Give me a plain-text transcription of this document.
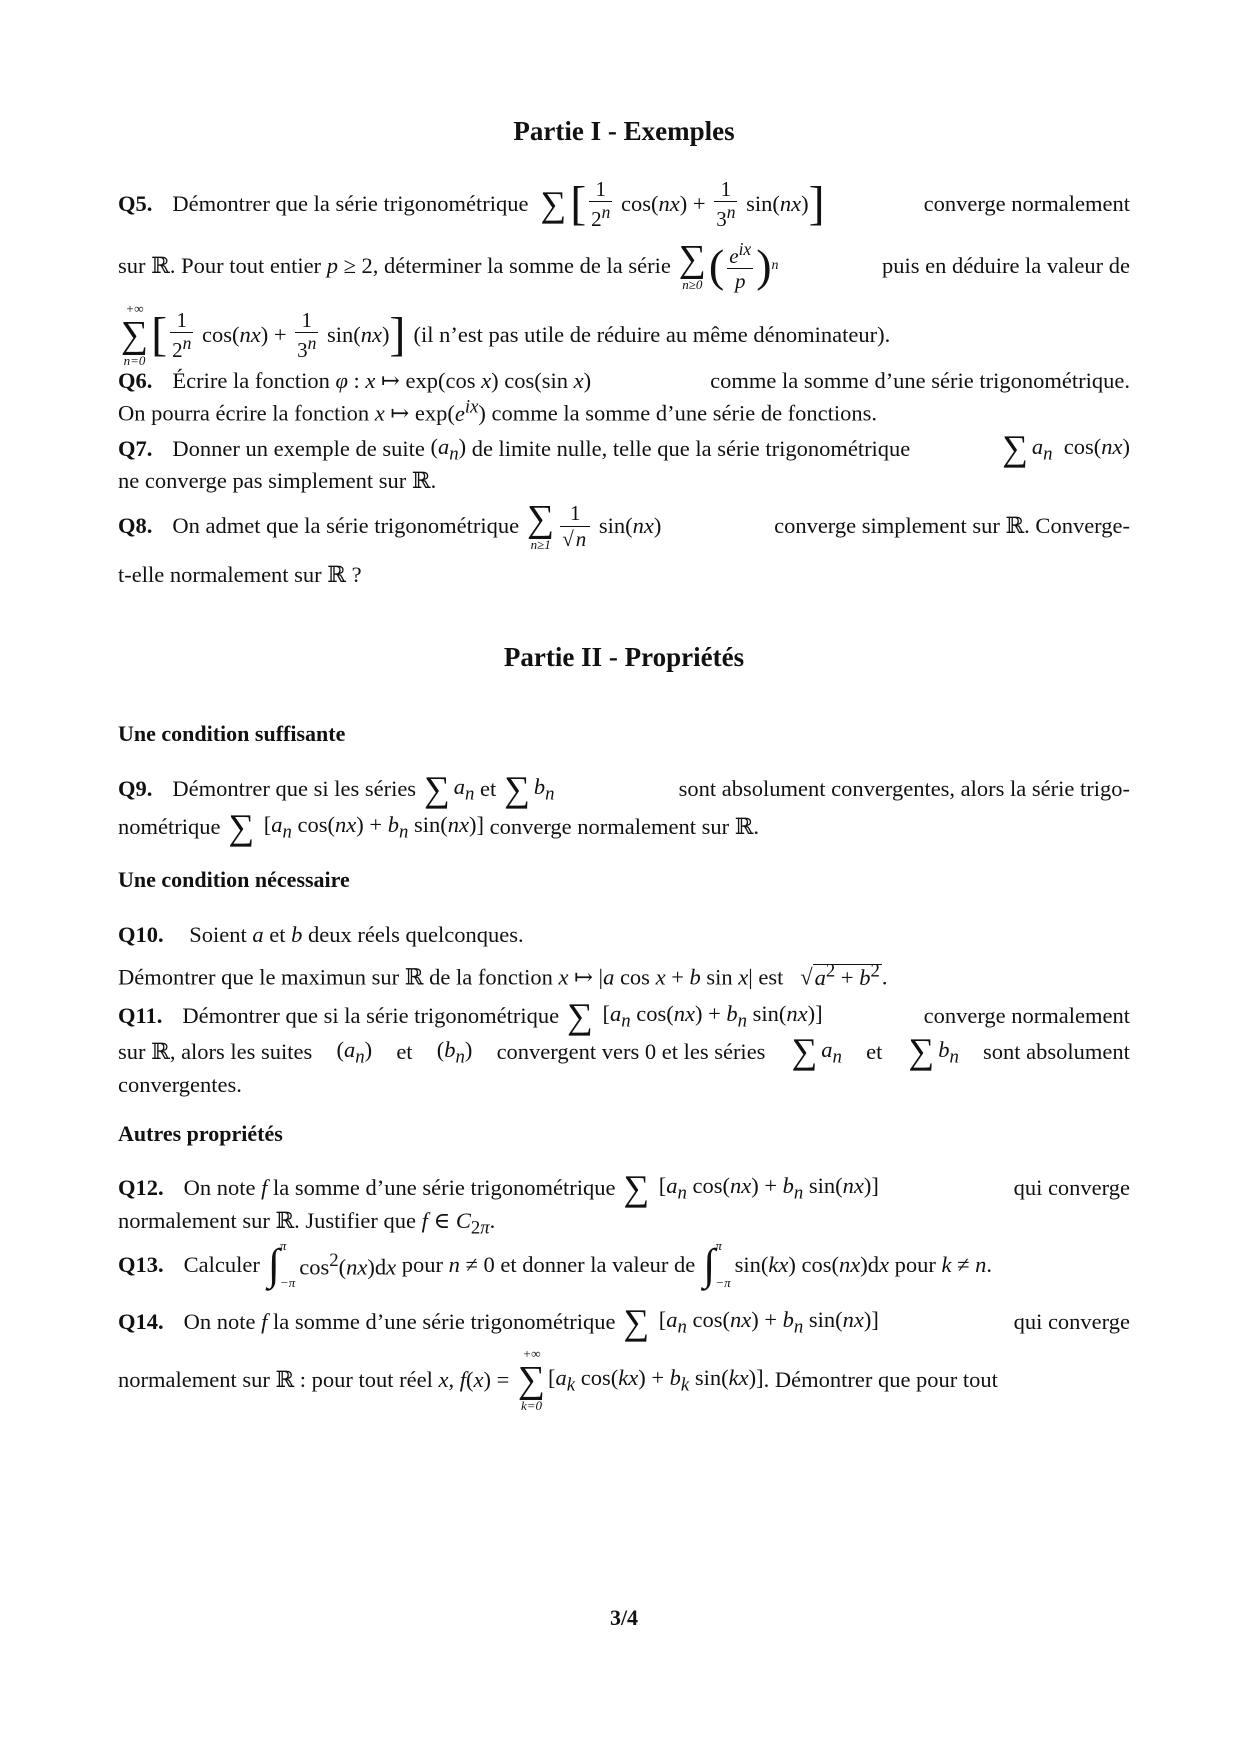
Partie I - Exemples
Q5. Démontrer que la série trigonométrique ∑ [ $\frac{1}{2^n} \cos(nx) + \frac{1}{3^n} \sin(nx)$ ]	converge normalement
sur ℝ. Pour tout entier p ≥ 2, déterminer la somme de la série ∑
n≥0 ( $\frac{e^{ix}}{p}$ ) n	puis en déduire la valeur de
+∞
∑
n=0 [ $\frac{1}{2^n} \cos(nx) + \frac{1}{3^n} \sin(nx)$ ] (il n’est pas utile de réduire au même dénominateur).
Q6. Écrire la fonction φ : x ↦ exp(cos x) cos(sin x)	comme la somme d’une série trigonométrique.
On pourra écrire la fonction x ↦ $\exp(e^{ix})$ comme la somme d’une série de fonctions.
Q7. Donner un exemple de suite $(a_n)$ de limite nulle, telle que la série trigonométrique	∑ $a_n$  cos(nx)
ne converge pas simplement sur ℝ.
Q8. On admet que la série trigonométrique ∑
$n\ge 1 \frac{1}{√n} \sin(nx)$	converge simplement sur ℝ. Converge-
t-elle normalement sur ℝ ?
Partie II - Propriétés
Une condition suffisante
Q9. Démontrer que si les séries ∑ $a_n$
et ∑ $b_n$
	sont absolument convergentes, alors la série trigo-
nométrique ∑ [$a_n$ $\cos(nx) + b_n$ sin(nx)] converge normalement sur ℝ.
Une condition nécessaire
Q10. Soient a et b deux réels quelconques.
Démontrer que le maximun sur ℝ de la fonction x ↦ |a cos x + b sin x| est   $√a^2 + b^2$.
Q11. Démontrer que si la série trigonométrique ∑ [$a_n$ $\cos(nx) + b_n$ sin(nx)]	converge normalement
sur ℝ, alors les suites $(a_n)$ et $(b_n)$ convergent vers 0 et les séries ∑ $a_n$ et ∑ $b_n$ sont absolument
convergentes.
Autres propriétés
Q12. On note
f
la somme d’une série trigonométrique ∑ [$a_n$ $\cos(nx) + b_n$ sin(nx)]	qui converge
normalement sur ℝ. Justifier que f ∈ $C_{2\pi}$.
Q13. Calculer ∫ π
−π
$\cos^2(nx)dx$ pour n ≠ 0 et donner la valeur de ∫ π
−π
sin(kx) cos(nx)dx pour k ≠ n.
Q14. On note
f
la somme d’une série trigonométrique ∑ [$a_n$ $\cos(nx) + b_n$ sin(nx)]	qui converge
normalement sur ℝ : pour tout réel x, f(x) =
+∞
∑
k=0
[$a_k$ $\cos(kx) + b_k$ sin(kx)] . Démontrer que pour tout
3/4
